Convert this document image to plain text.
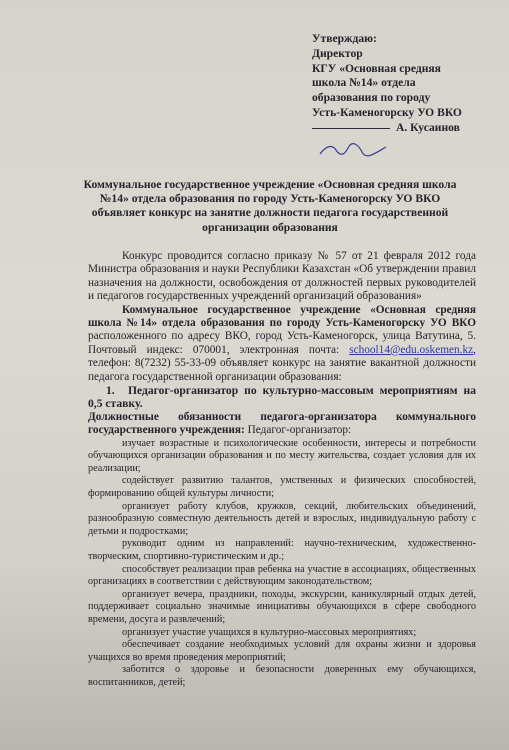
Утверждаю:
Директор
КГУ «Основная средняя
школа №14» отдела
образования по городу
Усть-Каменогорску УО ВКО
А. Кусаинов
Коммунальное государственное учреждение «Основная средняя школа
№14» отдела образования по городу Усть-Каменогорску УО ВКО
объявляет конкурс на занятие должности педагога государственной
организации образования

Конкурс проводится согласно приказу № 57 от 21 февраля 2012 года Министра образования и науки Республики Казахстан «Об утверждении правил назначения на должности, освобождения от должностей первых руководителей и педагогов государственных учреждений организаций образования»

Коммунальное государственное учреждение «Основная средняя школа №14» отдела образования по городу Усть-Каменогорску УО ВКО расположенного по адресу ВКО, город Усть-Каменогорск, улица Ватутина, 5. Почтовый индекс: 070001, электронная почта: school14@edu.oskemen.kz, телефон: 8(7232) 55-33-09 объявляет конкурс на занятие вакантной должности педагога государственной организации образования:

1. Педагог-организатор по культурно-массовым мероприятиям на 0,5 ставку.

Должностные обязанности педагога-организатора коммунального государственного учреждения: Педагог-организатор:

изучает возрастные и психологические особенности, интересы и потребности обучающихся организации образования и по месту жительства, создает условия для их реализации;

содействует развитию талантов, умственных и физических способностей, формированию общей культуры личности;

организует работу клубов, кружков, секций, любительских объединений, разнообразную совместную деятельность детей и взрослых, индивидуальную работу с детьми и подростками;

руководит одним из направлений: научно-техническим, художественно-творческим, спортивно-туристическим и др.;

способствует реализации прав ребенка на участие в ассоциациях, общественных организациях в соответствии с действующим законодательством;

организует вечера, праздники, походы, экскурсии, каникулярный отдых детей, поддерживает социально значимые инициативы обучающихся в сфере свободного времени, досуга и развлечений;

организует участие учащихся в культурно-массовых мероприятиях;

обеспечивает создание необходимых условий для охраны жизни и здоровья учащихся во время проведения мероприятий;

заботится о здоровье и безопасности доверенных ему обучающихся, воспитанников, детей;
